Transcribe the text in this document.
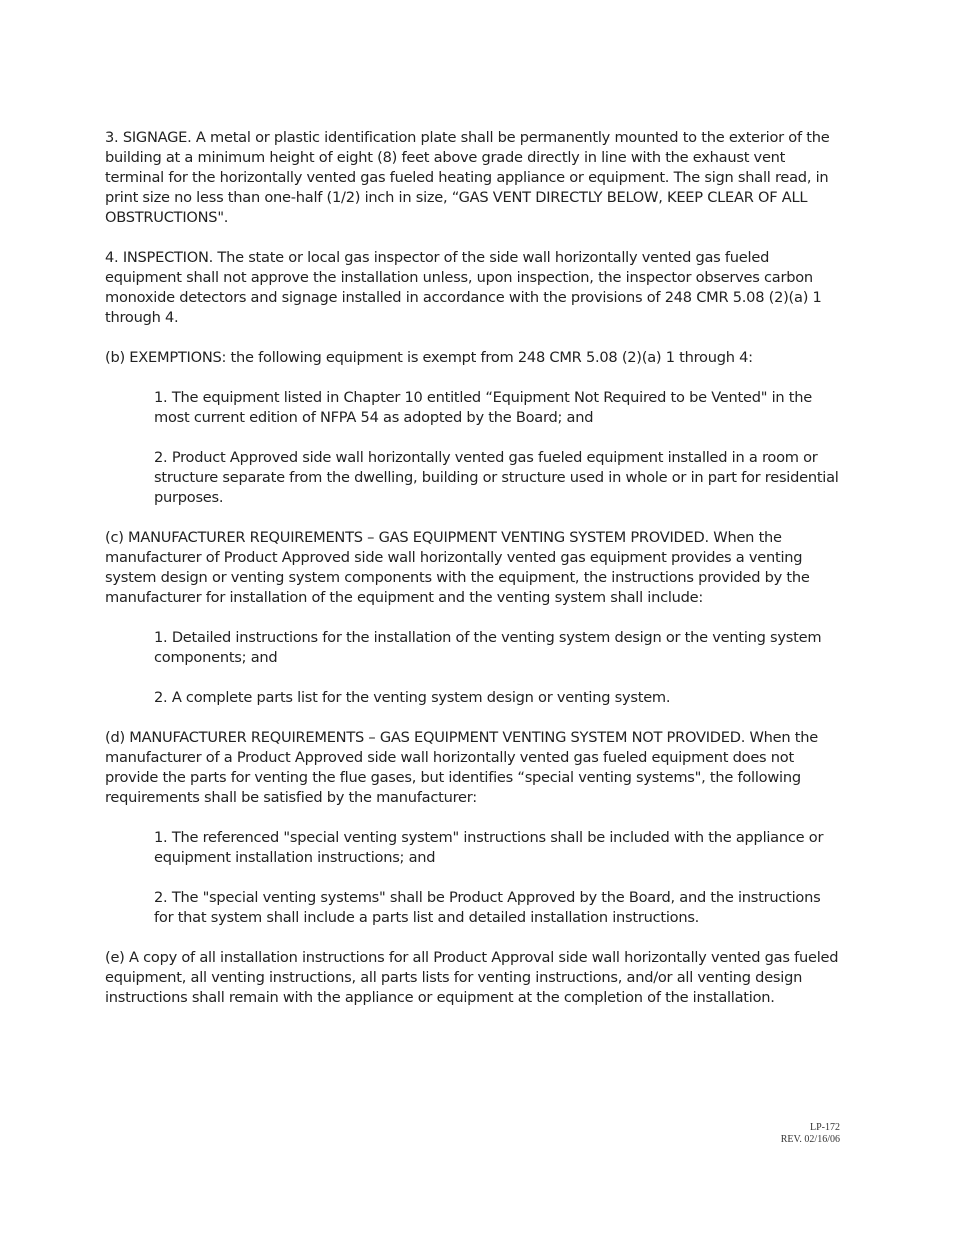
3. SIGNAGE. A metal or plastic identification plate shall be permanently mounted to the exterior of the building at a minimum height of eight (8) feet above grade directly in line with the exhaust vent terminal for the horizontally vented gas fueled heating appliance or equipment. The sign shall read, in print size no less than one-half (1/2) inch in size, “GAS VENT DIRECTLY BELOW, KEEP CLEAR OF ALL OBSTRUCTIONS".

4. INSPECTION. The state or local gas inspector of the side wall horizontally vented gas fueled equipment shall not approve the installation unless, upon inspection, the inspector observes carbon monoxide detectors and signage installed in accordance with the provisions of 248 CMR 5.08 (2)(a) 1 through 4.

(b) EXEMPTIONS: the following equipment is exempt from 248 CMR 5.08 (2)(a) 1 through 4:

1. The equipment listed in Chapter 10 entitled “Equipment Not Required to be Vented" in the most current edition of NFPA 54 as adopted by the Board; and

2. Product Approved side wall horizontally vented gas fueled equipment installed in a room or structure separate from the dwelling, building or structure used in whole or in part for residential purposes.

(c) MANUFACTURER REQUIREMENTS – GAS EQUIPMENT VENTING SYSTEM PROVIDED. When the manufacturer of Product Approved side wall horizontally vented gas equipment provides a venting system design or venting system components with the equipment, the instructions provided by the manufacturer for installation of the equipment and the venting system shall include:

1. Detailed instructions for the installation of the venting system design or the venting system components; and

2. A complete parts list for the venting system design or venting system.

(d) MANUFACTURER REQUIREMENTS – GAS EQUIPMENT VENTING SYSTEM NOT PROVIDED. When the manufacturer of a Product Approved side wall horizontally vented gas fueled equipment does not provide the parts for venting the flue gases, but identifies “special venting systems", the following requirements shall be satisfied by the manufacturer:

1. The referenced "special venting system" instructions shall be included with the appliance or equipment installation instructions; and

2. The "special venting systems" shall be Product Approved by the Board, and the instructions for that system shall include a parts list and detailed installation instructions.

(e) A copy of all installation instructions for all Product Approval side wall horizontally vented gas fueled equipment, all venting instructions, all parts lists for venting instructions, and/or all venting design instructions shall remain with the appliance or equipment at the completion of the installation.

LP-172
REV. 02/16/06
